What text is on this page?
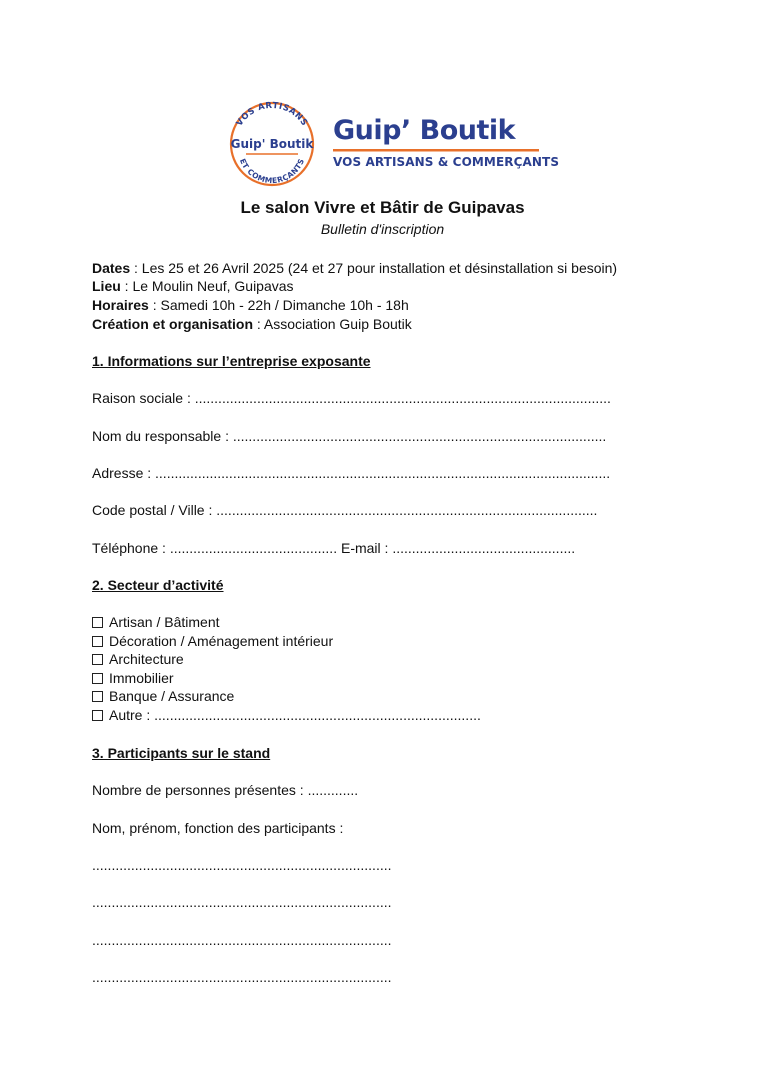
VOS ARTISANS
ET COMMERÇANTS
Guip' Boutik Guip’ Boutik
VOS ARTISANS & COMMERÇANTS
Le salon Vivre et Bâtir de Guipavas
Bulletin d'inscription
Dates : Les 25 et 26 Avril 2025 (24 et 27 pour installation et désinstallation si besoin)
Lieu : Le Moulin Neuf, Guipavas
Horaires : Samedi 10h - 22h / Dimanche 10h - 18h
Création et organisation : Association Guip Boutik
1. Informations sur l’entreprise exposante
Raison sociale : ...........................................................................................................
Nom du responsable : ................................................................................................
Adresse : .....................................................................................................................
Code postal / Ville : ..................................................................................................
Téléphone : ........................................... E-mail : ...............................................
2. Secteur d’activité
Artisan / Bâtiment
Décoration / Aménagement intérieur
Architecture
Immobilier
Banque / Assurance
Autre : ....................................................................................
3. Participants sur le stand
Nombre de personnes présentes : .............
Nom, prénom, fonction des participants :
.............................................................................
.............................................................................
.............................................................................
.............................................................................
